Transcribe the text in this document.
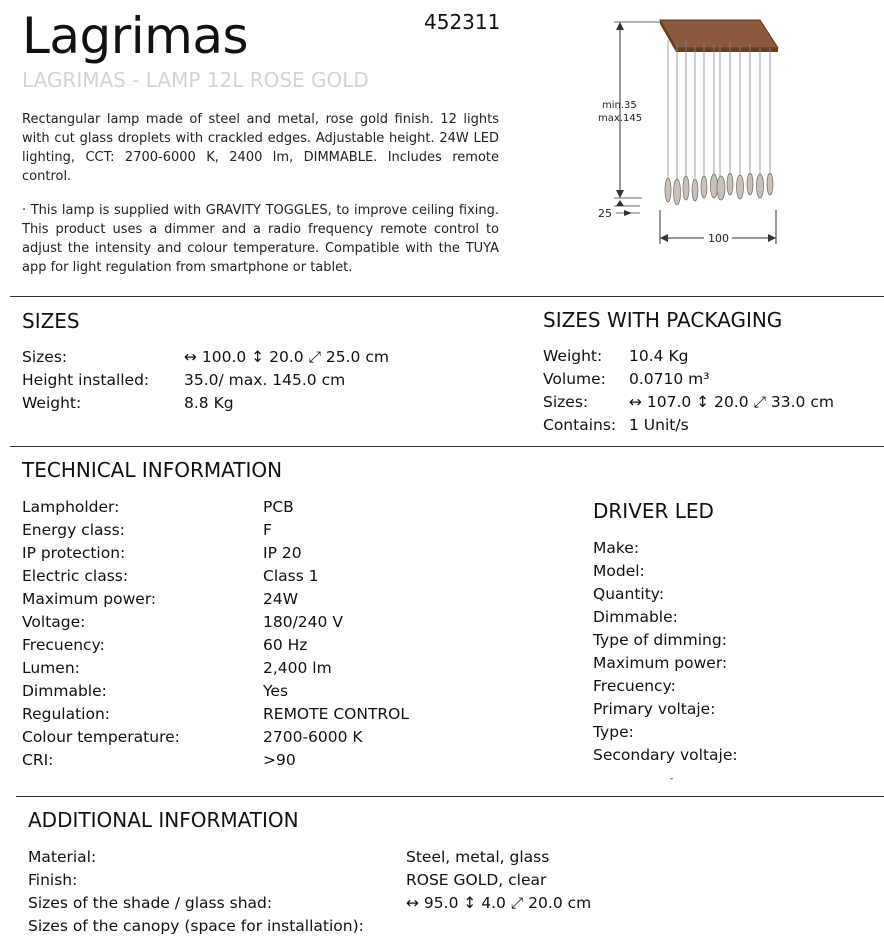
Lagrimas	452311
LAGRIMAS - LAMP 12L ROSE GOLD
Rectangular lamp made of steel and metal, rose gold finish. 12 lights with cut glass droplets with crackled edges. Adjustable height. 24W LED lighting, CCT: 2700-6000 K, 2400 lm, DIMMABLE. Includes remote control.
· This lamp is supplied with GRAVITY TOGGLES, to improve ceiling fixing. This product uses a dimmer and a radio frequency remote control to adjust the intensity and colour temperature. Compatible with the TUYA app for light regulation from smartphone or tablet.
min.35
max.145
25
100
SIZES
Sizes:	↔ 100.0 ↕ 20.0 ⤢ 25.0 cm
Height installed: 35.0/ max. 145.0 cm
Weight:	8.8 Kg
SIZES WITH PACKAGING
Weight: 10.4 Kg
Volume: 0.0710 m³
Sizes:	↔ 107.0 ↕ 20.0 ⤢ 33.0 cm
Contains: 1 Unit/s
TECHNICAL INFORMATION
Lampholder:	PCB
Energy class:	F
IP protection:	IP 20
Electric class:	Class 1
Maximum power:	24W
Voltage:	180/240 V
Frecuency:	60 Hz
Lumen:	2,400 lm
Dimmable:	Yes
Regulation:	REMOTE CONTROL
Colour temperature:	2700-6000 K
CRI:	>90
DRIVER LED
Make:
Model:
Quantity:
Dimmable:
Type of dimming:
Maximum power:
Frecuency:
Primary voltaje:
Type:
Secondary voltaje:
-
ADDITIONAL INFORMATION
Material:	Steel, metal, glass
Finish:	ROSE GOLD, clear
Sizes of the shade / glass shad:	↔ 95.0 ↕ 4.0 ⤢ 20.0 cm
Sizes of the canopy (space for installation):
